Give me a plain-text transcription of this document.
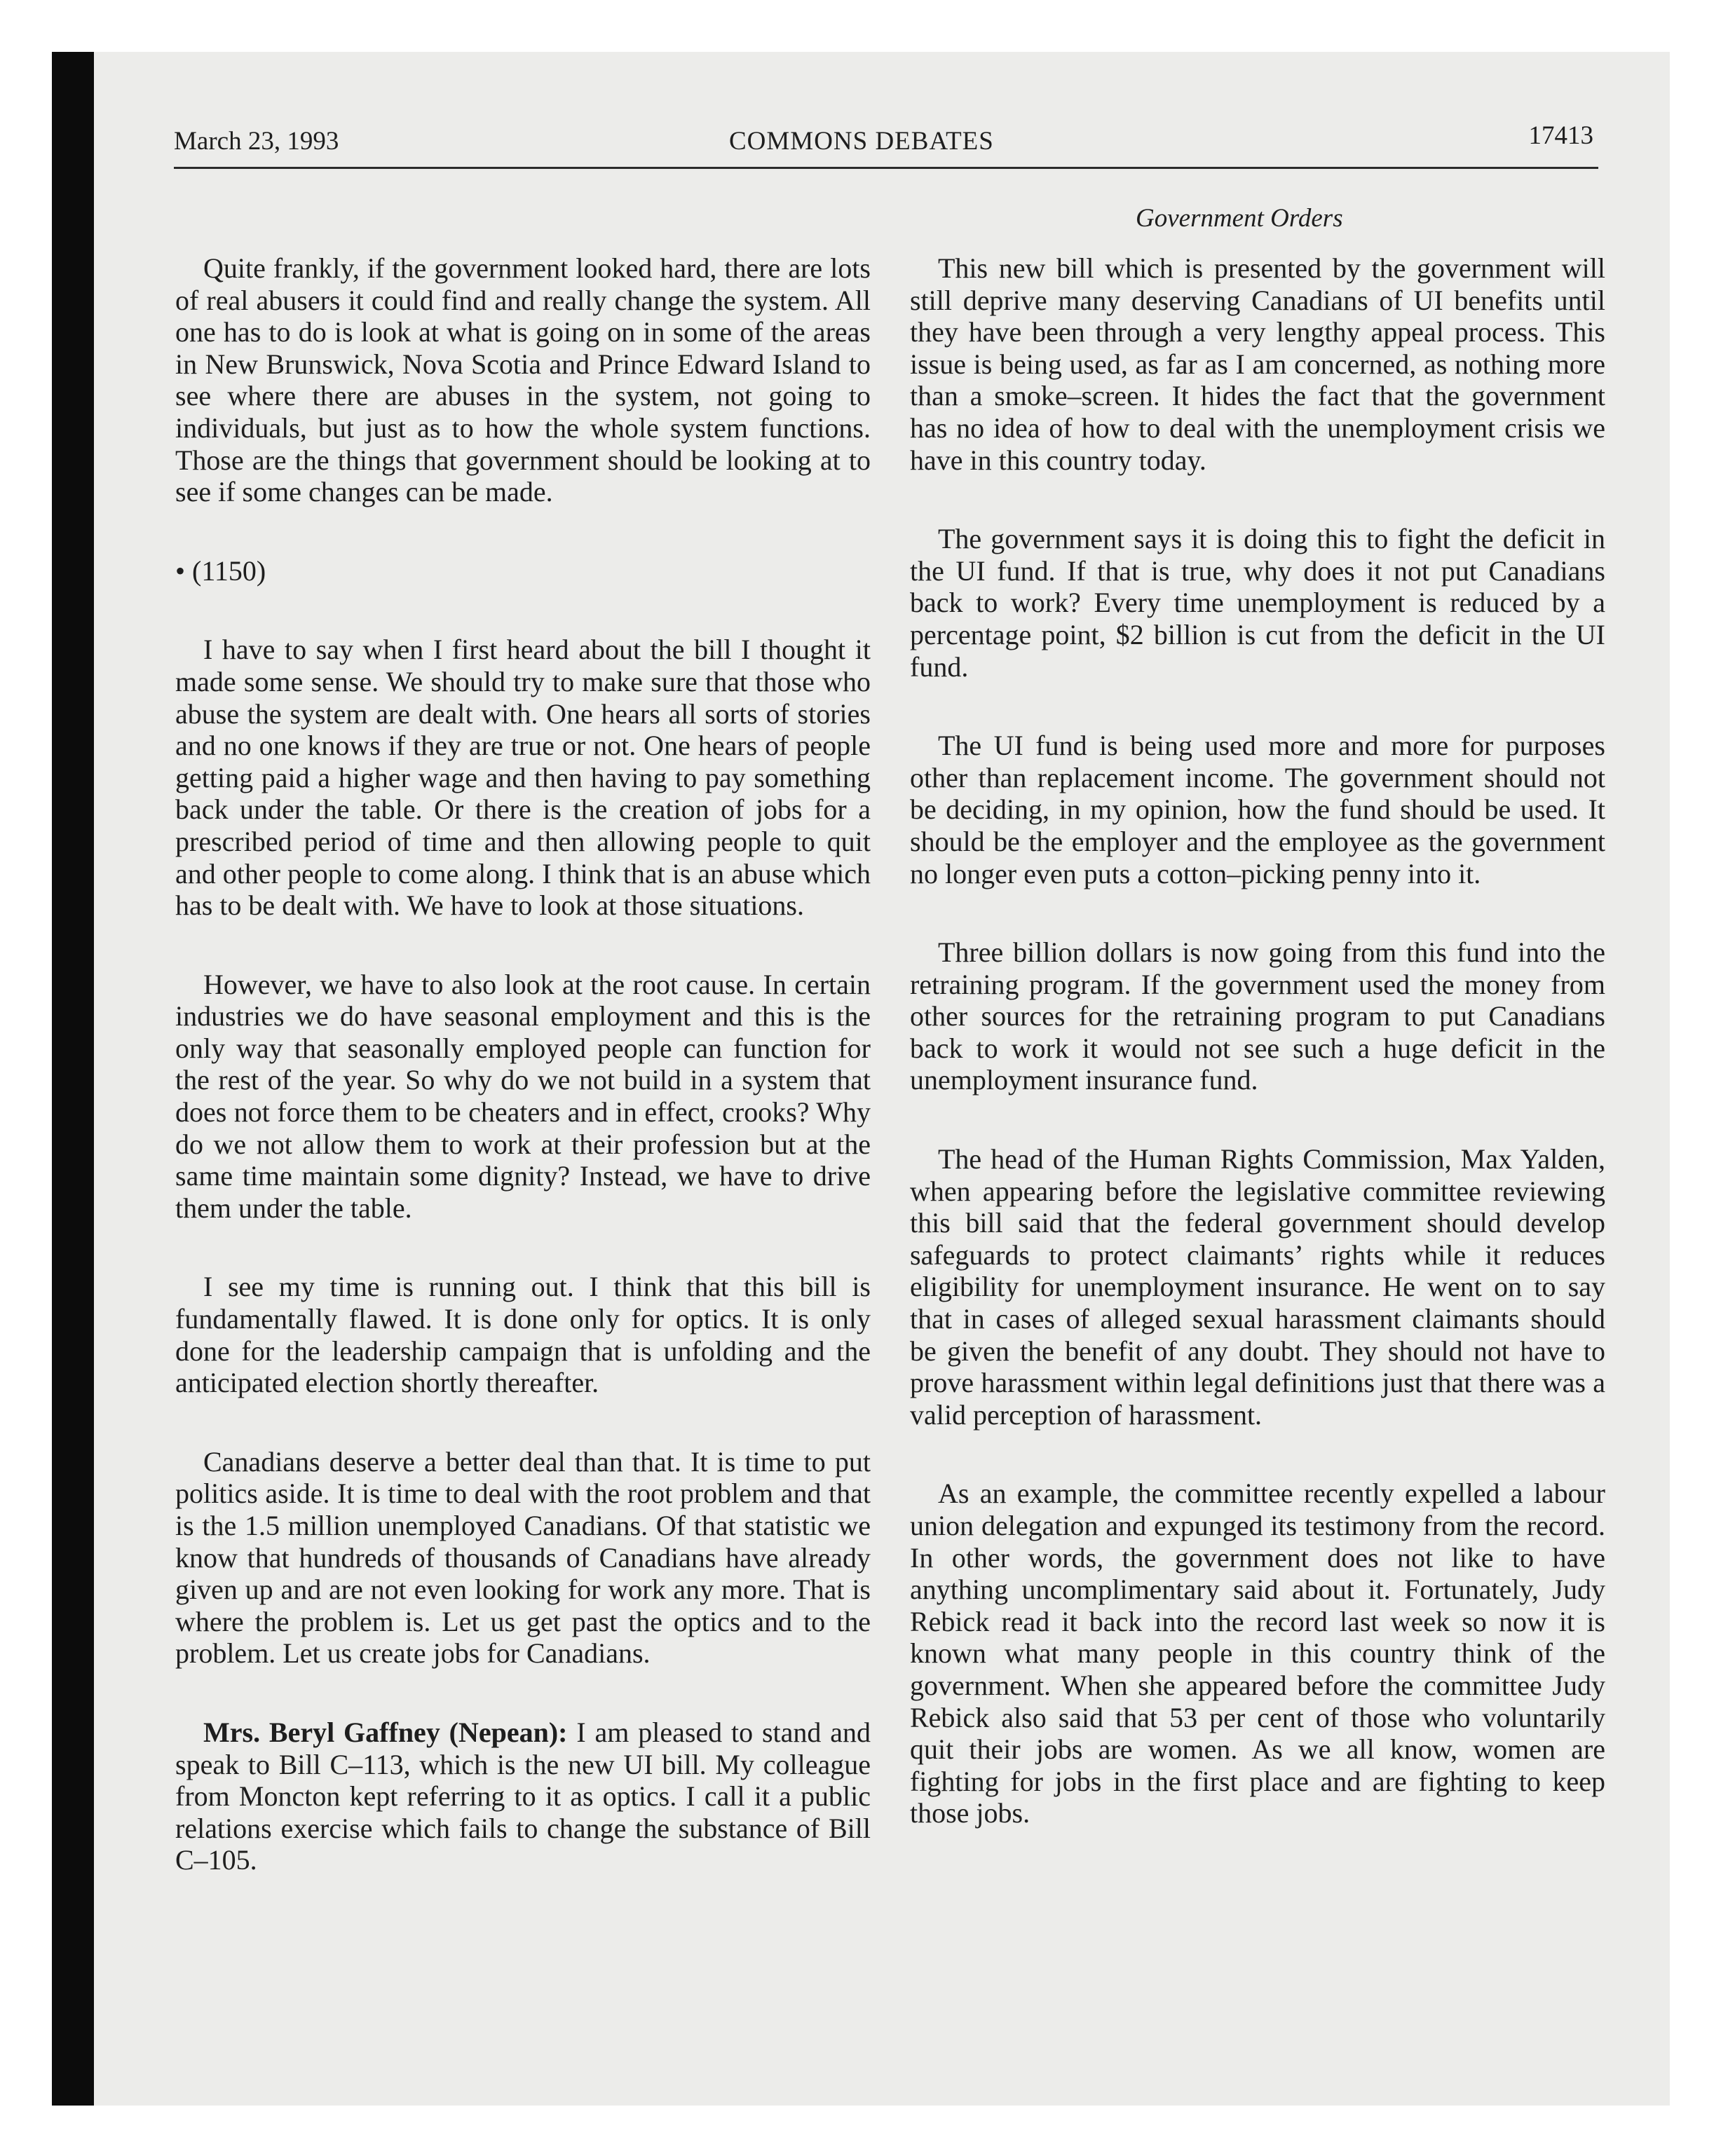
March 23, 1993	COMMONS DEBATES	17413
Government Orders

Quite frankly, if the government looked hard, there are lots of real abusers it could find and really change the system. All one has to do is look at what is going on in some of the areas in New Brunswick, Nova Scotia and Prince Edward Island to see where there are abuses in the system, not going to individuals, but just as to how the whole system functions. Those are the things that government should be looking at to see if some changes can be made.

• (1150)

I have to say when I first heard about the bill I thought it made some sense. We should try to make sure that those who abuse the system are dealt with. One hears all sorts of stories and no one knows if they are true or not. One hears of people getting paid a higher wage and then having to pay something back under the table. Or there is the creation of jobs for a prescribed period of time and then allowing people to quit and other people to come along. I think that is an abuse which has to be dealt with. We have to look at those situations.

However, we have to also look at the root cause. In certain industries we do have seasonal employment and this is the only way that seasonally employed people can function for the rest of the year. So why do we not build in a system that does not force them to be cheaters and in effect, crooks? Why do we not allow them to work at their profession but at the same time maintain some dignity? Instead, we have to drive them under the table.

I see my time is running out. I think that this bill is fundamentally flawed. It is done only for optics. It is only done for the leadership campaign that is unfolding and the anticipated election shortly thereafter.

Canadians deserve a better deal than that. It is time to put politics aside. It is time to deal with the root problem and that is the 1.5 million unemployed Canadians. Of that statistic we know that hundreds of thousands of Canadians have already given up and are not even looking for work any more. That is where the problem is. Let us get past the optics and to the problem. Let us create jobs for Canadians.

Mrs. Beryl Gaffney (Nepean): I am pleased to stand and speak to Bill C–113, which is the new UI bill. My colleague from Moncton kept referring to it as optics. I call it a public relations exercise which fails to change the substance of Bill C–105.

This new bill which is presented by the government will still deprive many deserving Canadians of UI benefits until they have been through a very lengthy appeal process. This issue is being used, as far as I am concerned, as nothing more than a smoke–screen. It hides the fact that the government has no idea of how to deal with the unemployment crisis we have in this country today.

The government says it is doing this to fight the deficit in the UI fund. If that is true, why does it not put Canadians back to work? Every time unemployment is reduced by a percentage point, $2 billion is cut from the deficit in the UI fund.

The UI fund is being used more and more for purposes other than replacement income. The government should not be deciding, in my opinion, how the fund should be used. It should be the employer and the employee as the government no longer even puts a cotton–picking penny into it.

Three billion dollars is now going from this fund into the retraining program. If the government used the money from other sources for the retraining program to put Canadians back to work it would not see such a huge deficit in the unemployment insurance fund.

The head of the Human Rights Commission, Max Yalden, when appearing before the legislative committee reviewing this bill said that the federal government should develop safeguards to protect claimants’ rights while it reduces eligibility for unemployment insurance. He went on to say that in cases of alleged sexual harassment claimants should be given the benefit of any doubt. They should not have to prove harassment within legal definitions just that there was a valid perception of harassment.

As an example, the committee recently expelled a labour union delegation and expunged its testimony from the record. In other words, the government does not like to have anything uncomplimentary said about it. Fortunately, Judy Rebick read it back into the record last week so now it is known what many people in this country think of the government. When she appeared before the committee Judy Rebick also said that 53 per cent of those who voluntarily quit their jobs are women. As we all know, women are fighting for jobs in the first place and are fighting to keep those jobs.
